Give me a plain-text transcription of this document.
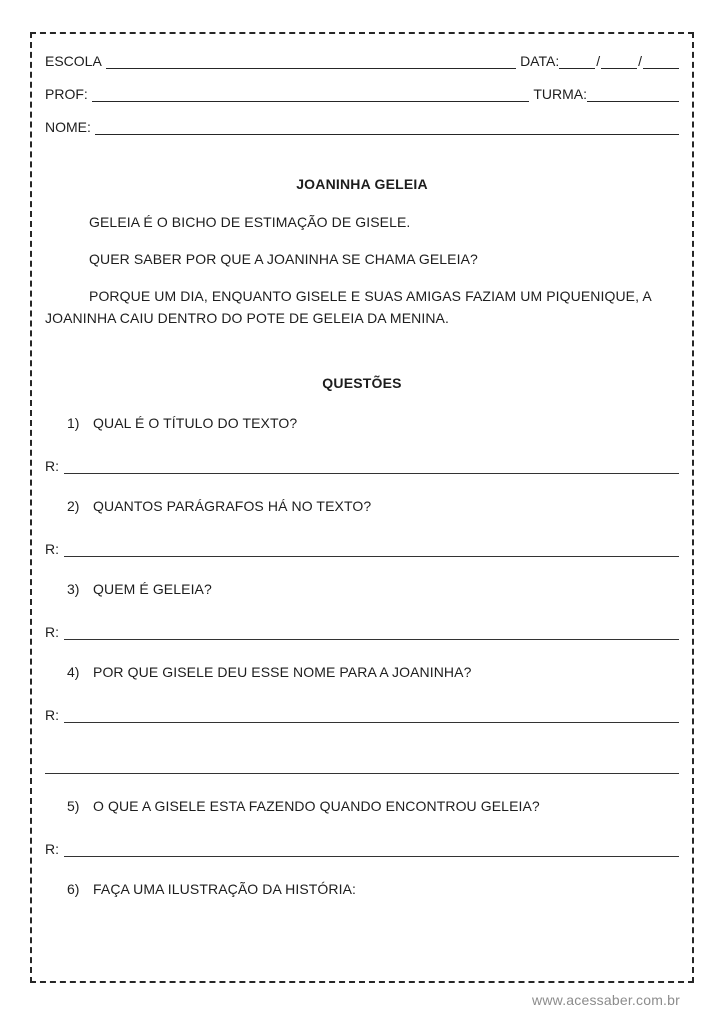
ESCOLA	DATA:	/	/
PROF:	TURMA:
NOME:
JOANINHA GELEIA

GELEIA É O BICHO DE ESTIMAÇÃO DE GISELE.

QUER SABER POR QUE A JOANINHA SE CHAMA GELEIA?

PORQUE UM DIA, ENQUANTO GISELE E SUAS AMIGAS FAZIAM UM PIQUENIQUE, A JOANINHA CAIU DENTRO DO POTE DE GELEIA DA MENINA.

QUESTÕES
1) QUAL É O TÍTULO DO TEXTO?
R:
2) QUANTOS PARÁGRAFOS HÁ NO TEXTO?
R:
3) QUEM É GELEIA?
R:
4) POR QUE GISELE DEU ESSE NOME PARA A JOANINHA?
R:
5) O QUE A GISELE ESTA FAZENDO QUANDO ENCONTROU GELEIA?
R:
6) FAÇA UMA ILUSTRAÇÃO DA HISTÓRIA:
www.acessaber.com.br
